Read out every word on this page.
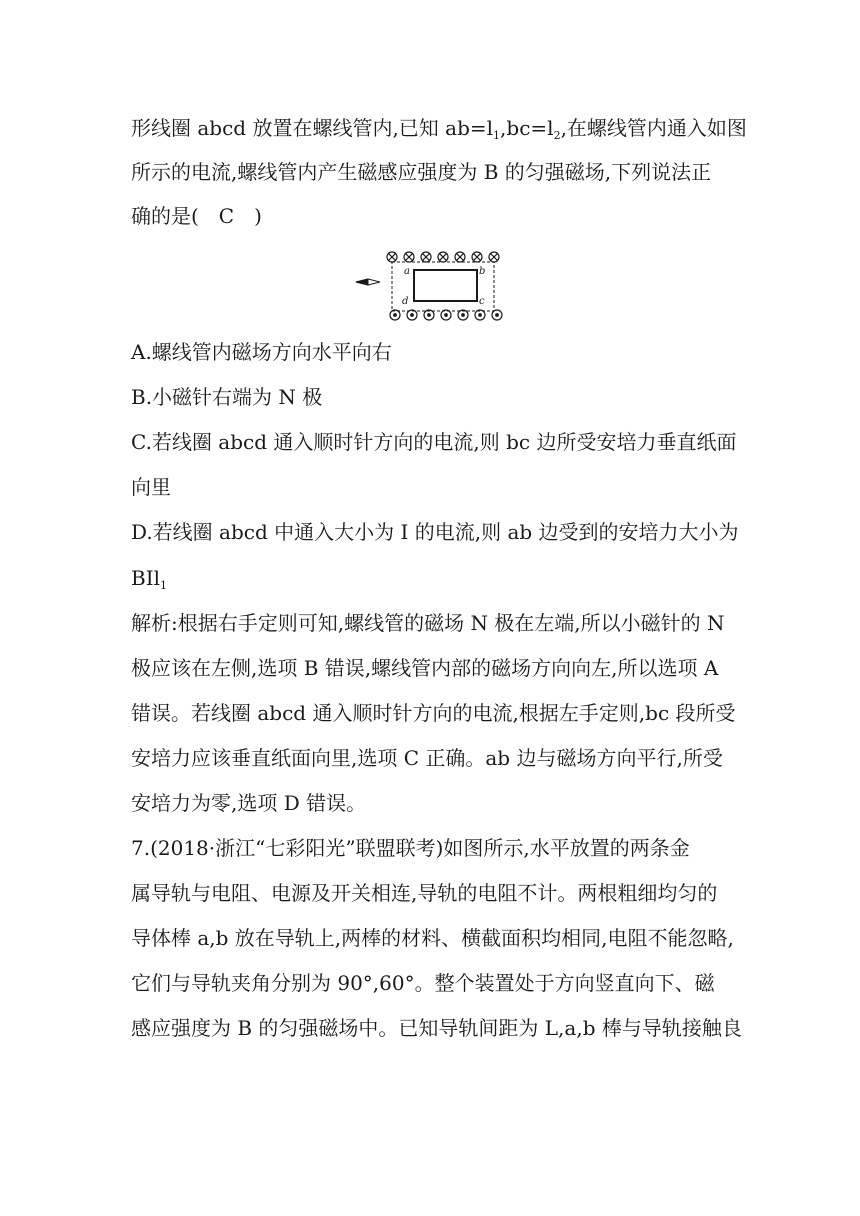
形线圈 abcd 放置在螺线管内,已知 $ab=l_1,bc=l_2$,在螺线管内通入如图
所示的电流,螺线管内产生磁感应强度为 B 的匀强磁场,下列说法正
确的是(　C　)
a	b
c
d
A.螺线管内磁场方向水平向右
B.小磁针右端为 N 极
C.若线圈 abcd 通入顺时针方向的电流,则 bc 边所受安培力垂直纸面
向里
D.若线圈 abcd 中通入大小为 I 的电流,则 ab 边受到的安培力大小为
BIl$_1$
解析:根据右手定则可知,螺线管的磁场 N 极在左端,所以小磁针的 N
极应该在左侧,选项 B 错误,螺线管内部的磁场方向向左,所以选项 A
错误。若线圈 abcd 通入顺时针方向的电流,根据左手定则,bc 段所受
安培力应该垂直纸面向里,选项 C 正确。ab 边与磁场方向平行,所受
安培力为零,选项 D 错误。
7.(2018·浙江“七彩阳光”联盟联考)如图所示,水平放置的两条金
属导轨与电阻、电源及开关相连,导轨的电阻不计。两根粗细均匀的
导体棒 a,b 放在导轨上,两棒的材料、横截面积均相同,电阻不能忽略,
它们与导轨夹角分别为 90°,60°。整个装置处于方向竖直向下、磁
感应强度为 B 的匀强磁场中。已知导轨间距为 L,a,b 棒与导轨接触良
